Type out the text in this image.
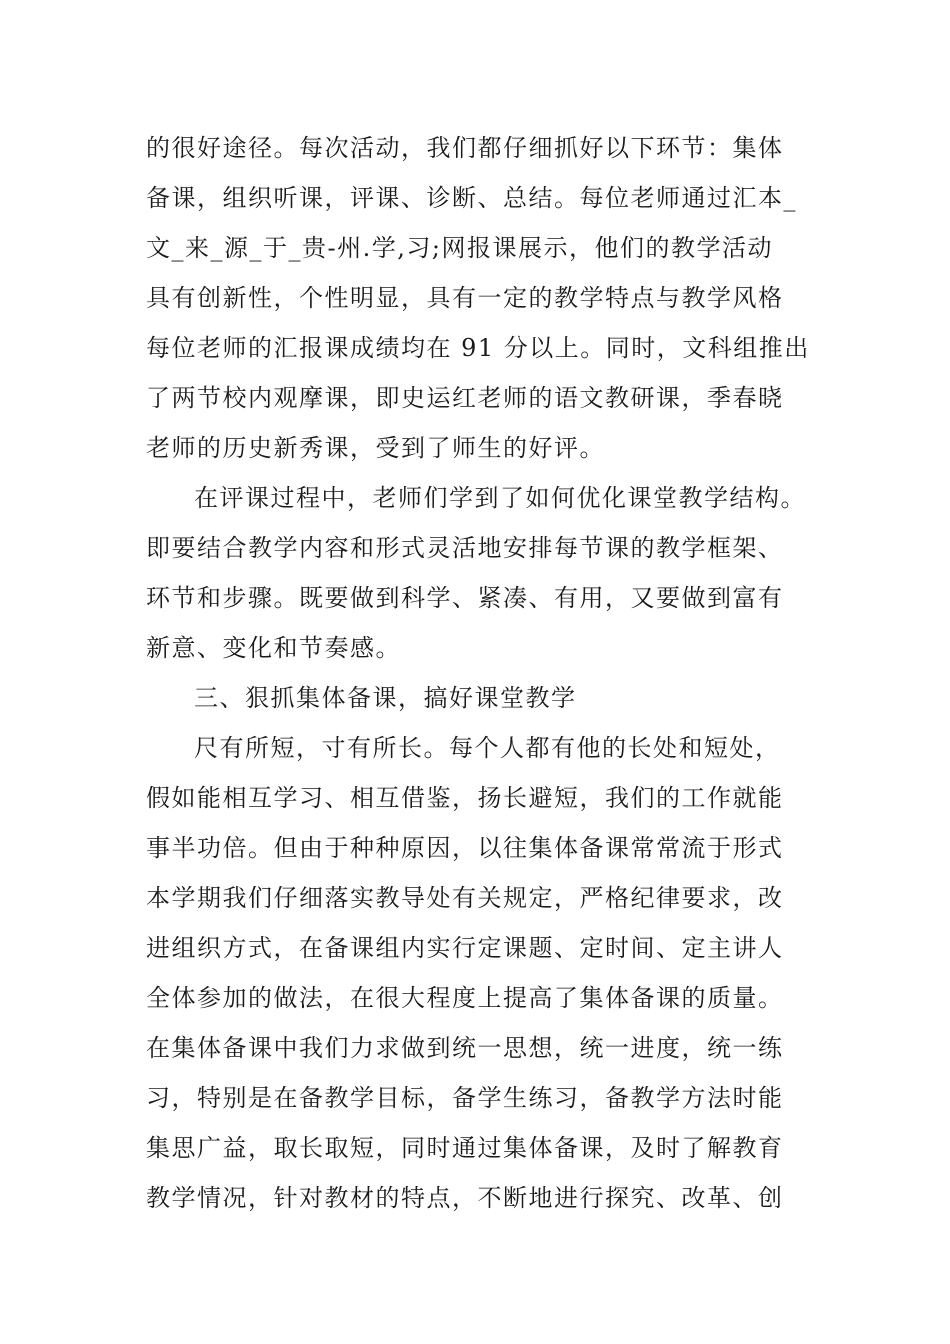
的很好途径。每次活动，我们都仔细抓好以下环节：集体
备课，组织听课，评课、诊断、总结。每位老师通过汇本_
文_来_源_于_贵-州.学,习;网报课展示，他们的教学活动
具有创新性，个性明显，具有一定的教学特点与教学风格
每位老师的汇报课成绩均在 91 分以上。同时，文科组推出
了两节校内观摩课，即史运红老师的语文教研课，季春晓
老师的历史新秀课，受到了师生的好评。
在评课过程中，老师们学到了如何优化课堂教学结构。
即要结合教学内容和形式灵活地安排每节课的教学框架、
环节和步骤。既要做到科学、紧凑、有用，又要做到富有
新意、变化和节奏感。
三、狠抓集体备课，搞好课堂教学
尺有所短，寸有所长。每个人都有他的长处和短处，
假如能相互学习、相互借鉴，扬长避短，我们的工作就能
事半功倍。但由于种种原因，以往集体备课常常流于形式
本学期我们仔细落实教导处有关规定，严格纪律要求，改
进组织方式，在备课组内实行定课题、定时间、定主讲人
全体参加的做法，在很大程度上提高了集体备课的质量。
在集体备课中我们力求做到统一思想，统一进度，统一练
习，特别是在备教学目标，备学生练习，备教学方法时能
集思广益，取长取短，同时通过集体备课，及时了解教育
教学情况，针对教材的特点，不断地进行探究、改革、创
